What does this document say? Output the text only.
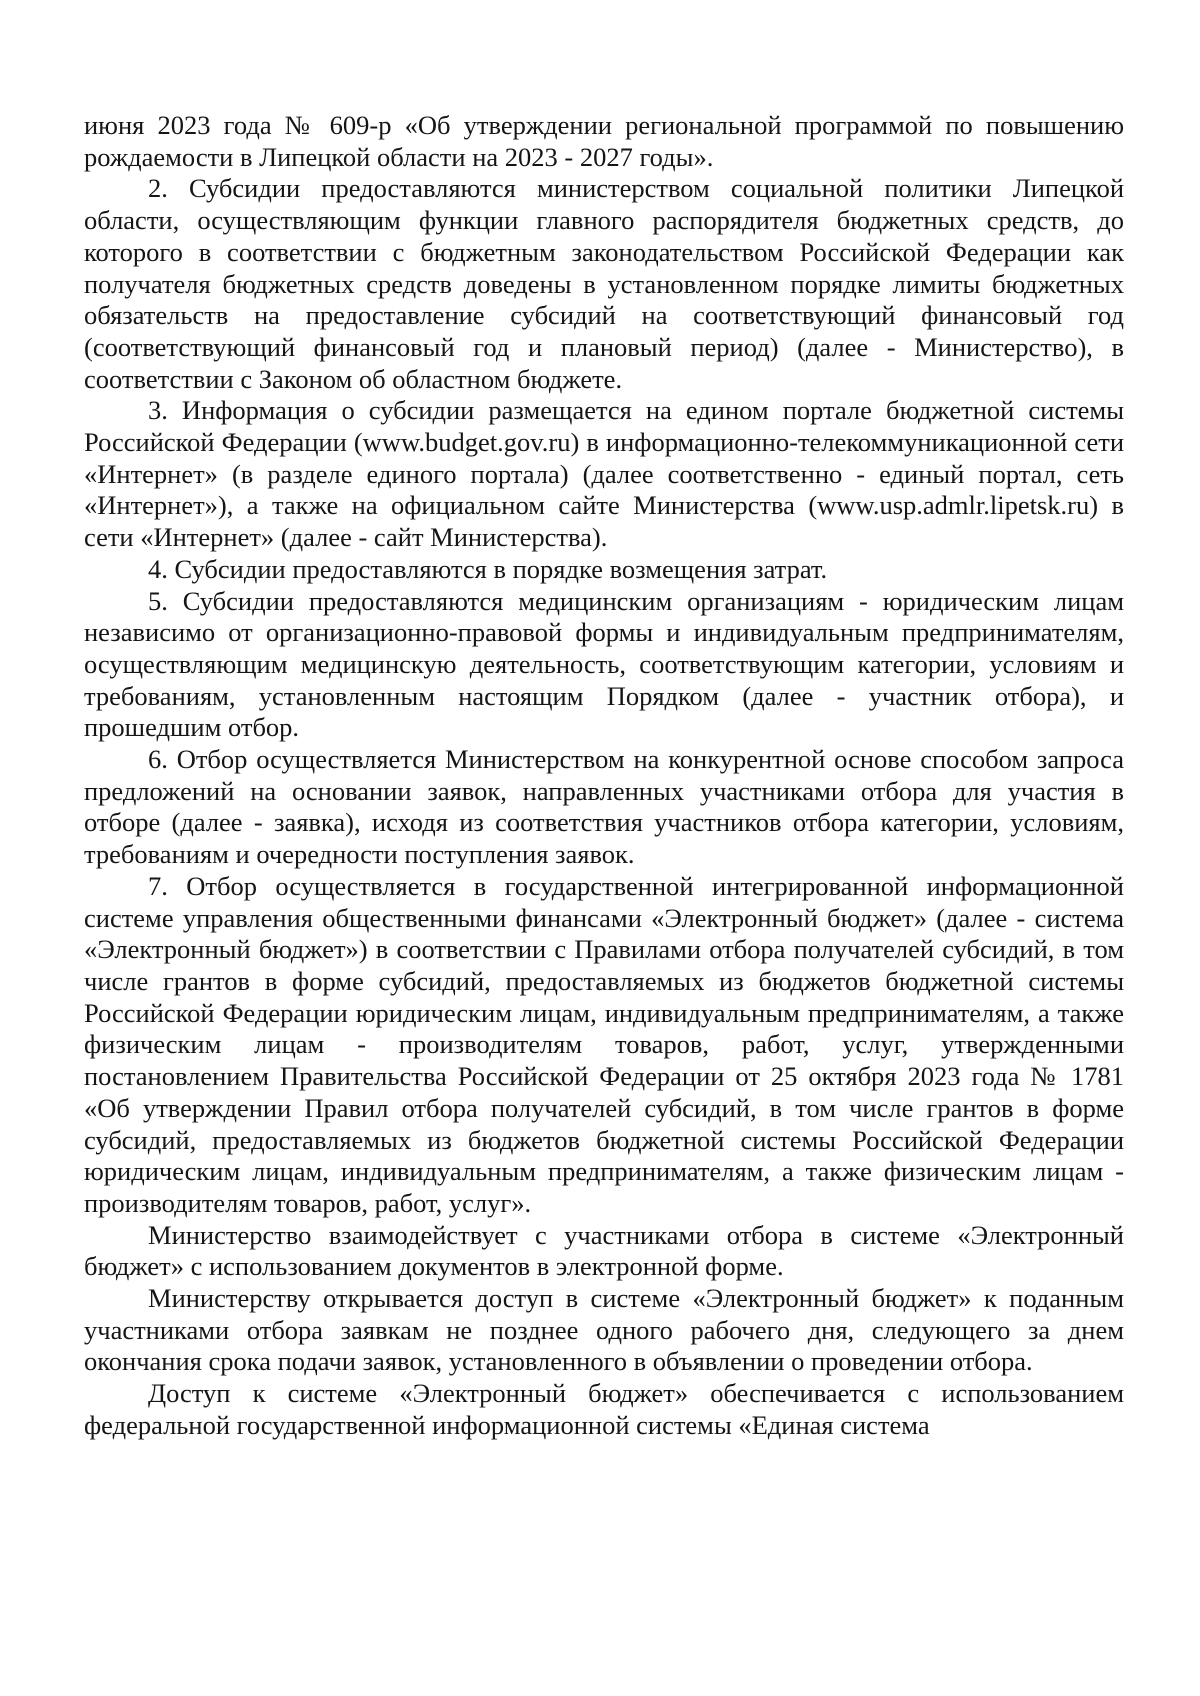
июня 2023 года № 609-р «Об утверждении региональной программой по повышению рождаемости в Липецкой области на 2023 - 2027 годы».

2. Субсидии предоставляются министерством социальной политики Липецкой области, осуществляющим функции главного распорядителя бюджетных средств, до которого в соответствии с бюджетным законодательством Российской Федерации как получателя бюджетных средств доведены в установленном порядке лимиты бюджетных обязательств на предоставление субсидий на соответствующий финансовый год (соответствующий финансовый год и плановый период) (далее - Министерство), в соответствии с Законом об областном бюджете.

3. Информация о субсидии размещается на едином портале бюджетной системы Российской Федерации (www.budget.gov.ru) в информационно-телекоммуникационной сети «Интернет» (в разделе единого портала) (далее соответственно - единый портал, сеть «Интернет»), а также на официальном сайте Министерства (www.usp.admlr.lipetsk.ru) в сети «Интернет» (далее - сайт Министерства).

4. Субсидии предоставляются в порядке возмещения затрат.

5. Субсидии предоставляются медицинским организациям - юридическим лицам независимо от организационно-правовой формы и индивидуальным предпринимателям, осуществляющим медицинскую деятельность, соответствующим категории, условиям и требованиям, установленным настоящим Порядком (далее - участник отбора), и прошедшим отбор.

6. Отбор осуществляется Министерством на конкурентной основе способом запроса предложений на основании заявок, направленных участниками отбора для участия в отборе (далее - заявка), исходя из соответствия участников отбора категории, условиям, требованиям и очередности поступления заявок.

7. Отбор осуществляется в государственной интегрированной информационной системе управления общественными финансами «Электронный бюджет» (далее - система «Электронный бюджет») в соответствии с Правилами отбора получателей субсидий, в том числе грантов в форме субсидий, предоставляемых из бюджетов бюджетной системы Российской Федерации юридическим лицам, индивидуальным предпринимателям, а также физическим лицам - производителям товаров, работ, услуг, утвержденными постановлением Правительства Российской Федерации от 25 октября 2023 года № 1781 «Об утверждении Правил отбора получателей субсидий, в том числе грантов в форме субсидий, предоставляемых из бюджетов бюджетной системы Российской Федерации юридическим лицам, индивидуальным предпринимателям, а также физическим лицам - производителям товаров, работ, услуг».

Министерство взаимодействует с участниками отбора в системе «Электронный бюджет» с использованием документов в электронной форме.

Министерству открывается доступ в системе «Электронный бюджет» к поданным участниками отбора заявкам не позднее одного рабочего дня, следующего за днем окончания срока подачи заявок, установленного в объявлении о проведении отбора.

Доступ к системе «Электронный бюджет» обеспечивается с использованием федеральной государственной информационной системы «Единая система
